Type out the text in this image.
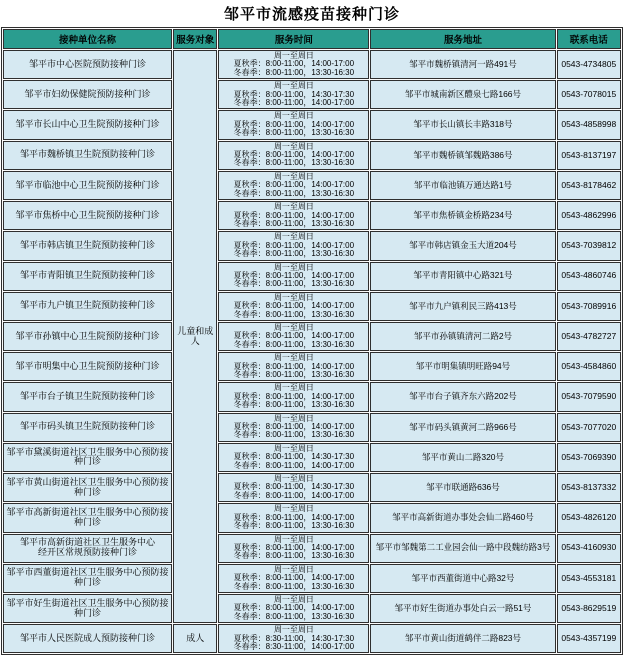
邹平市流感疫苗接种门诊
接种单位名称	服务对象	服务时间	服务地址	联系电话
邹平市中心医院预防接种门诊	儿童和成人	周一至周日
夏秋季：8:00-11:00，14:00-17:00
冬春季：8:00-11:00，13:30-16:30	邹平市魏桥镇清河一路491号	0543-4734805
邹平市妇幼保健院预防接种门诊		周一至周日
夏秋季：8:00-11:00，14:30-17:30
冬春季：8:00-11:00，14:00-17:00	邹平市城南新区醴泉七路166号	0543-7078015
邹平市长山中心卫生院预防接种门诊		周一至周日
夏秋季：8:00-11:00，14:00-17:00
冬春季：8:00-11:00，13:30-16:30	邹平市长山镇长丰路318号	0543-4858998
邹平市魏桥镇卫生院预防接种门诊		周一至周日
夏秋季：8:00-11:00，14:00-17:00
冬春季：8:00-11:00，13:30-16:30	邹平市魏桥镇邹魏路386号	0543-8137197
邹平市临池中心卫生院预防接种门诊		周一至周日
夏秋季：8:00-11:00，14:00-17:00
冬春季：8:00-11:00，13:30-16:30	邹平市临池镇万通达路1号	0543-8178462
邹平市焦桥中心卫生院预防接种门诊		周一至周日
夏秋季：8:00-11:00，14:00-17:00
冬春季：8:00-11:00，13:30-16:30	邹平市焦桥镇金桥路234号	0543-4862996
邹平市韩店镇卫生院预防接种门诊		周一至周日
夏秋季：8:00-11:00，14:00-17:00
冬春季：8:00-11:00，13:30-16:30	邹平市韩店镇金玉大道204号	0543-7039812
邹平市青阳镇卫生院预防接种门诊		周一至周日
夏秋季：8:00-11:00，14:00-17:00
冬春季：8:00-11:00，13:30-16:30	邹平市青阳镇中心路321号	0543-4860746
邹平市九户镇卫生院预防接种门诊		周一至周日
夏秋季：8:00-11:00，14:00-17:00
冬春季：8:00-11:00，13:30-16:30	邹平市九户镇利民三路413号	0543-7089916
邹平市孙镇中心卫生院预防接种门诊		周一至周日
夏秋季：8:00-11:00，14:00-17:00
冬春季：8:00-11:00，13:30-16:30	邹平市孙镇镇清河二路2号	0543-4782727
邹平市明集中心卫生院预防接种门诊		周一至周日
夏秋季：8:00-11:00，14:00-17:00
冬春季：8:00-11:00，13:30-16:30	邹平市明集镇明旺路94号	0543-4584860
邹平市台子镇卫生院预防接种门诊		周一至周日
夏秋季：8:00-11:00，14:00-17:00
冬春季：8:00-11:00，13:30-16:30	邹平市台子镇齐东六路202号	0543-7079590
邹平市码头镇卫生院预防接种门诊		周一至周日
夏秋季：8:00-11:00，14:00-17:00
冬春季：8:00-11:00，13:30-16:30	邹平市码头镇黄河二路966号	0543-7077020
邹平市黛溪街道社区卫生服务中心预防接种门诊		周一至周日
夏秋季：8:00-11:00，14:30-17:30
冬春季：8:00-11:00，14:00-17:00	邹平市黄山二路320号	0543-7069390
邹平市黄山街道社区卫生服务中心预防接种门诊		周一至周日
夏秋季：8:00-11:00，14:30-17:30
冬春季：8:00-11:00，14:00-17:00	邹平市联通路636号	0543-8137332
邹平市高新街道社区卫生服务中心预防接种门诊		周一至周日
夏秋季：8:00-11:00，14:00-17:00
冬春季：8:00-11:00，13:30-16:30	邹平市高新街道办事处会仙二路460号	0543-4826120
邹平市高新街道社区卫生服务中心
经开区常规预防接种门诊	
周一至周日
夏秋季：8:00-11:00，14:00-17:00
冬春季：8:00-11:00，13:30-16:30
	邹平市邹魏第二工业园会仙一路中段魏纺路3号	0543-4160930
邹平市西董街道社区卫生服务中心预防接种门诊		周一至周日
夏秋季：8:00-11:00，14:00-17:00
冬春季：8:00-11:00，13:30-16:30	邹平市西董街道中心路32号	0543-4553181
邹平市好生街道社区卫生服务中心预防接种门诊		周一至周日
夏秋季：8:00-11:00，14:00-17:00
冬春季：8:00-11:00，13:30-16:30	邹平市好生街道办事处白云一路51号	0543-8629519
邹平市人民医院成人预防接种门诊	成人	周一至周日
夏秋季：8:30-11:00，14:30-17:30
冬春季：8:30-11:00，14:00-17:00	邹平市黄山街道鹤伴二路823号	0543-4357199
